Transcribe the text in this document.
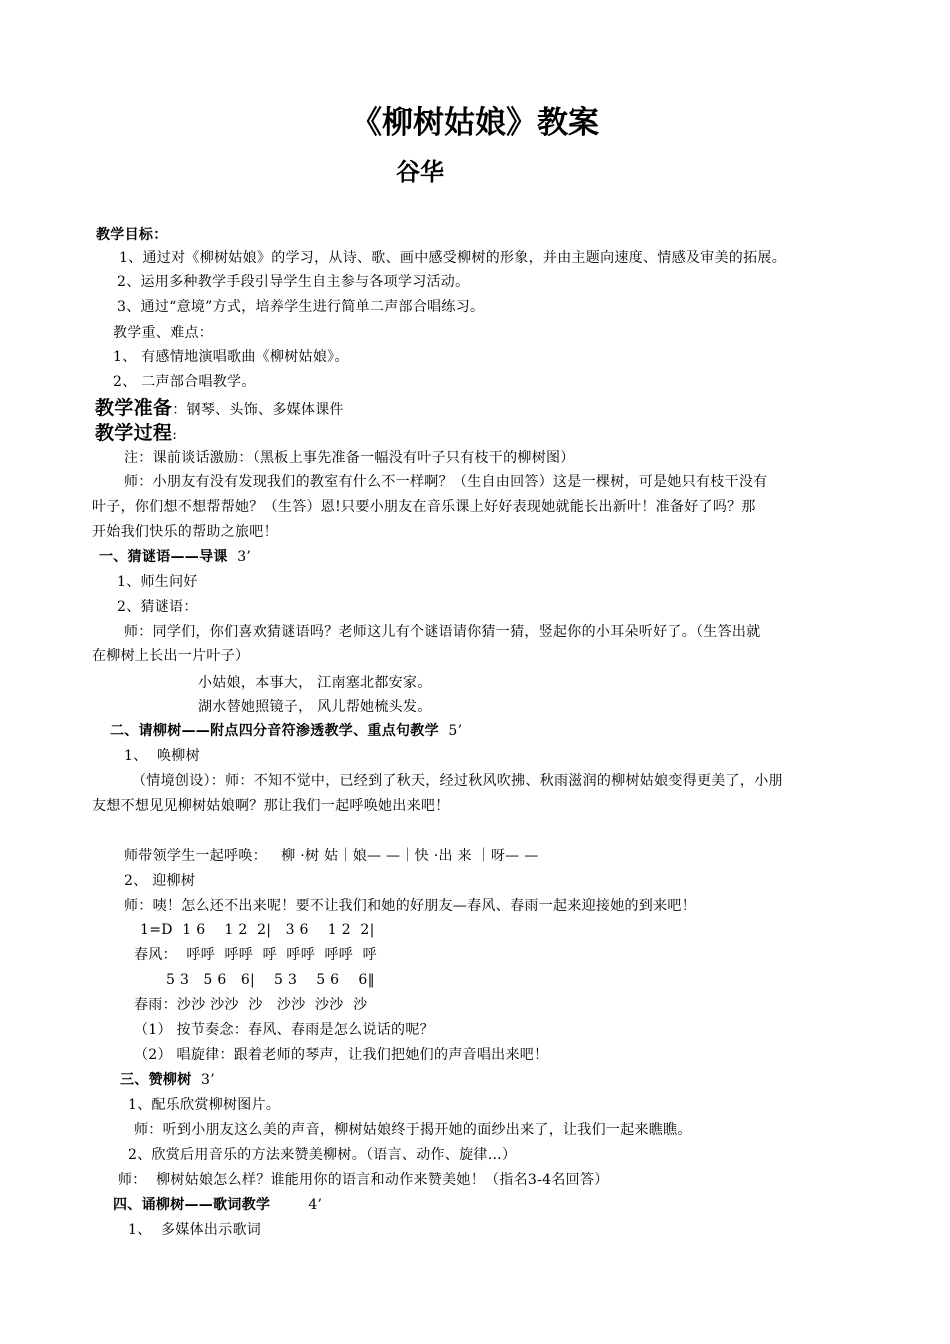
《柳树姑娘》教案
谷华
教学目标：
1、通过对《柳树姑娘》的学习，从诗、歌、画中感受柳树的形象，并由主题向速度、情感及审美的拓展。
2、运用多种教学手段引导学生自主参与各项学习活动。
3、通过“意境”方式，培养学生进行简单二声部合唱练习。
教学重、难点：
1、 有感情地演唱歌曲《柳树姑娘》。
2、 二声部合唱教学。
教学准备：钢琴、头饰、多媒体课件
教学过程:
注：课前谈话激励：（黑板上事先准备一幅没有叶子只有枝干的柳树图）
师：小朋友有没有发现我们的教室有什么不一样啊？（生自由回答）这是一棵树，可是她只有枝干没有
叶子，你们想不想帮帮她？（生答）恩!只要小朋友在音乐课上好好表现她就能长出新叶！准备好了吗？那
开始我们快乐的帮助之旅吧！
一、猜谜语——导课 3’
1、师生问好
2、猜谜语：
师：同学们，你们喜欢猜谜语吗？老师这儿有个谜语请你猜一猜，竖起你的小耳朵听好了。（生答出就
在柳树上长出一片叶子）
小姑娘，本事大， 江南塞北都安家。
湖水替她照镜子， 风儿帮她梳头发。
二、请柳树——附点四分音符渗透教学、重点句教学 5’
1、  唤柳树
（情境创设）：师：不知不觉中，已经到了秋天，经过秋风吹拂、秋雨滋润的柳树姑娘变得更美了，小朋
友想不想见见柳树姑娘啊？那让我们一起呼唤她出来吧！
师带领学生一起呼唤：   柳 ·树 姑｜娘— —｜快 ·出 来 ｜呀— —
2、 迎柳树
师：咦！怎么还不出来呢！要不让我们和她的好朋友—春风、春雨一起来迎接她的到来吧！
1=D  1 6    1 2  2|   3 6    1 2  2|
春风：  呼呼  呼呼  呼  呼呼  呼呼  呼
5 3   5 6   6|    5 3    5 6    6‖
春雨：沙沙 沙沙  沙   沙沙  沙沙  沙
（1） 按节奏念：春风、春雨是怎么说话的呢？
（2） 唱旋律：跟着老师的琴声，让我们把她们的声音唱出来吧！
三、赞柳树 3’
1、配乐欣赏柳树图片。
师：听到小朋友这么美的声音，柳树姑娘终于揭开她的面纱出来了，让我们一起来瞧瞧。
2、欣赏后用音乐的方法来赞美柳树。（语言、动作、旋律…）
师：  柳树姑娘怎么样？谁能用你的语言和动作来赞美她！（指名3-4名回答）
四、诵柳树——歌词教学	4’
1、  多媒体出示歌词
